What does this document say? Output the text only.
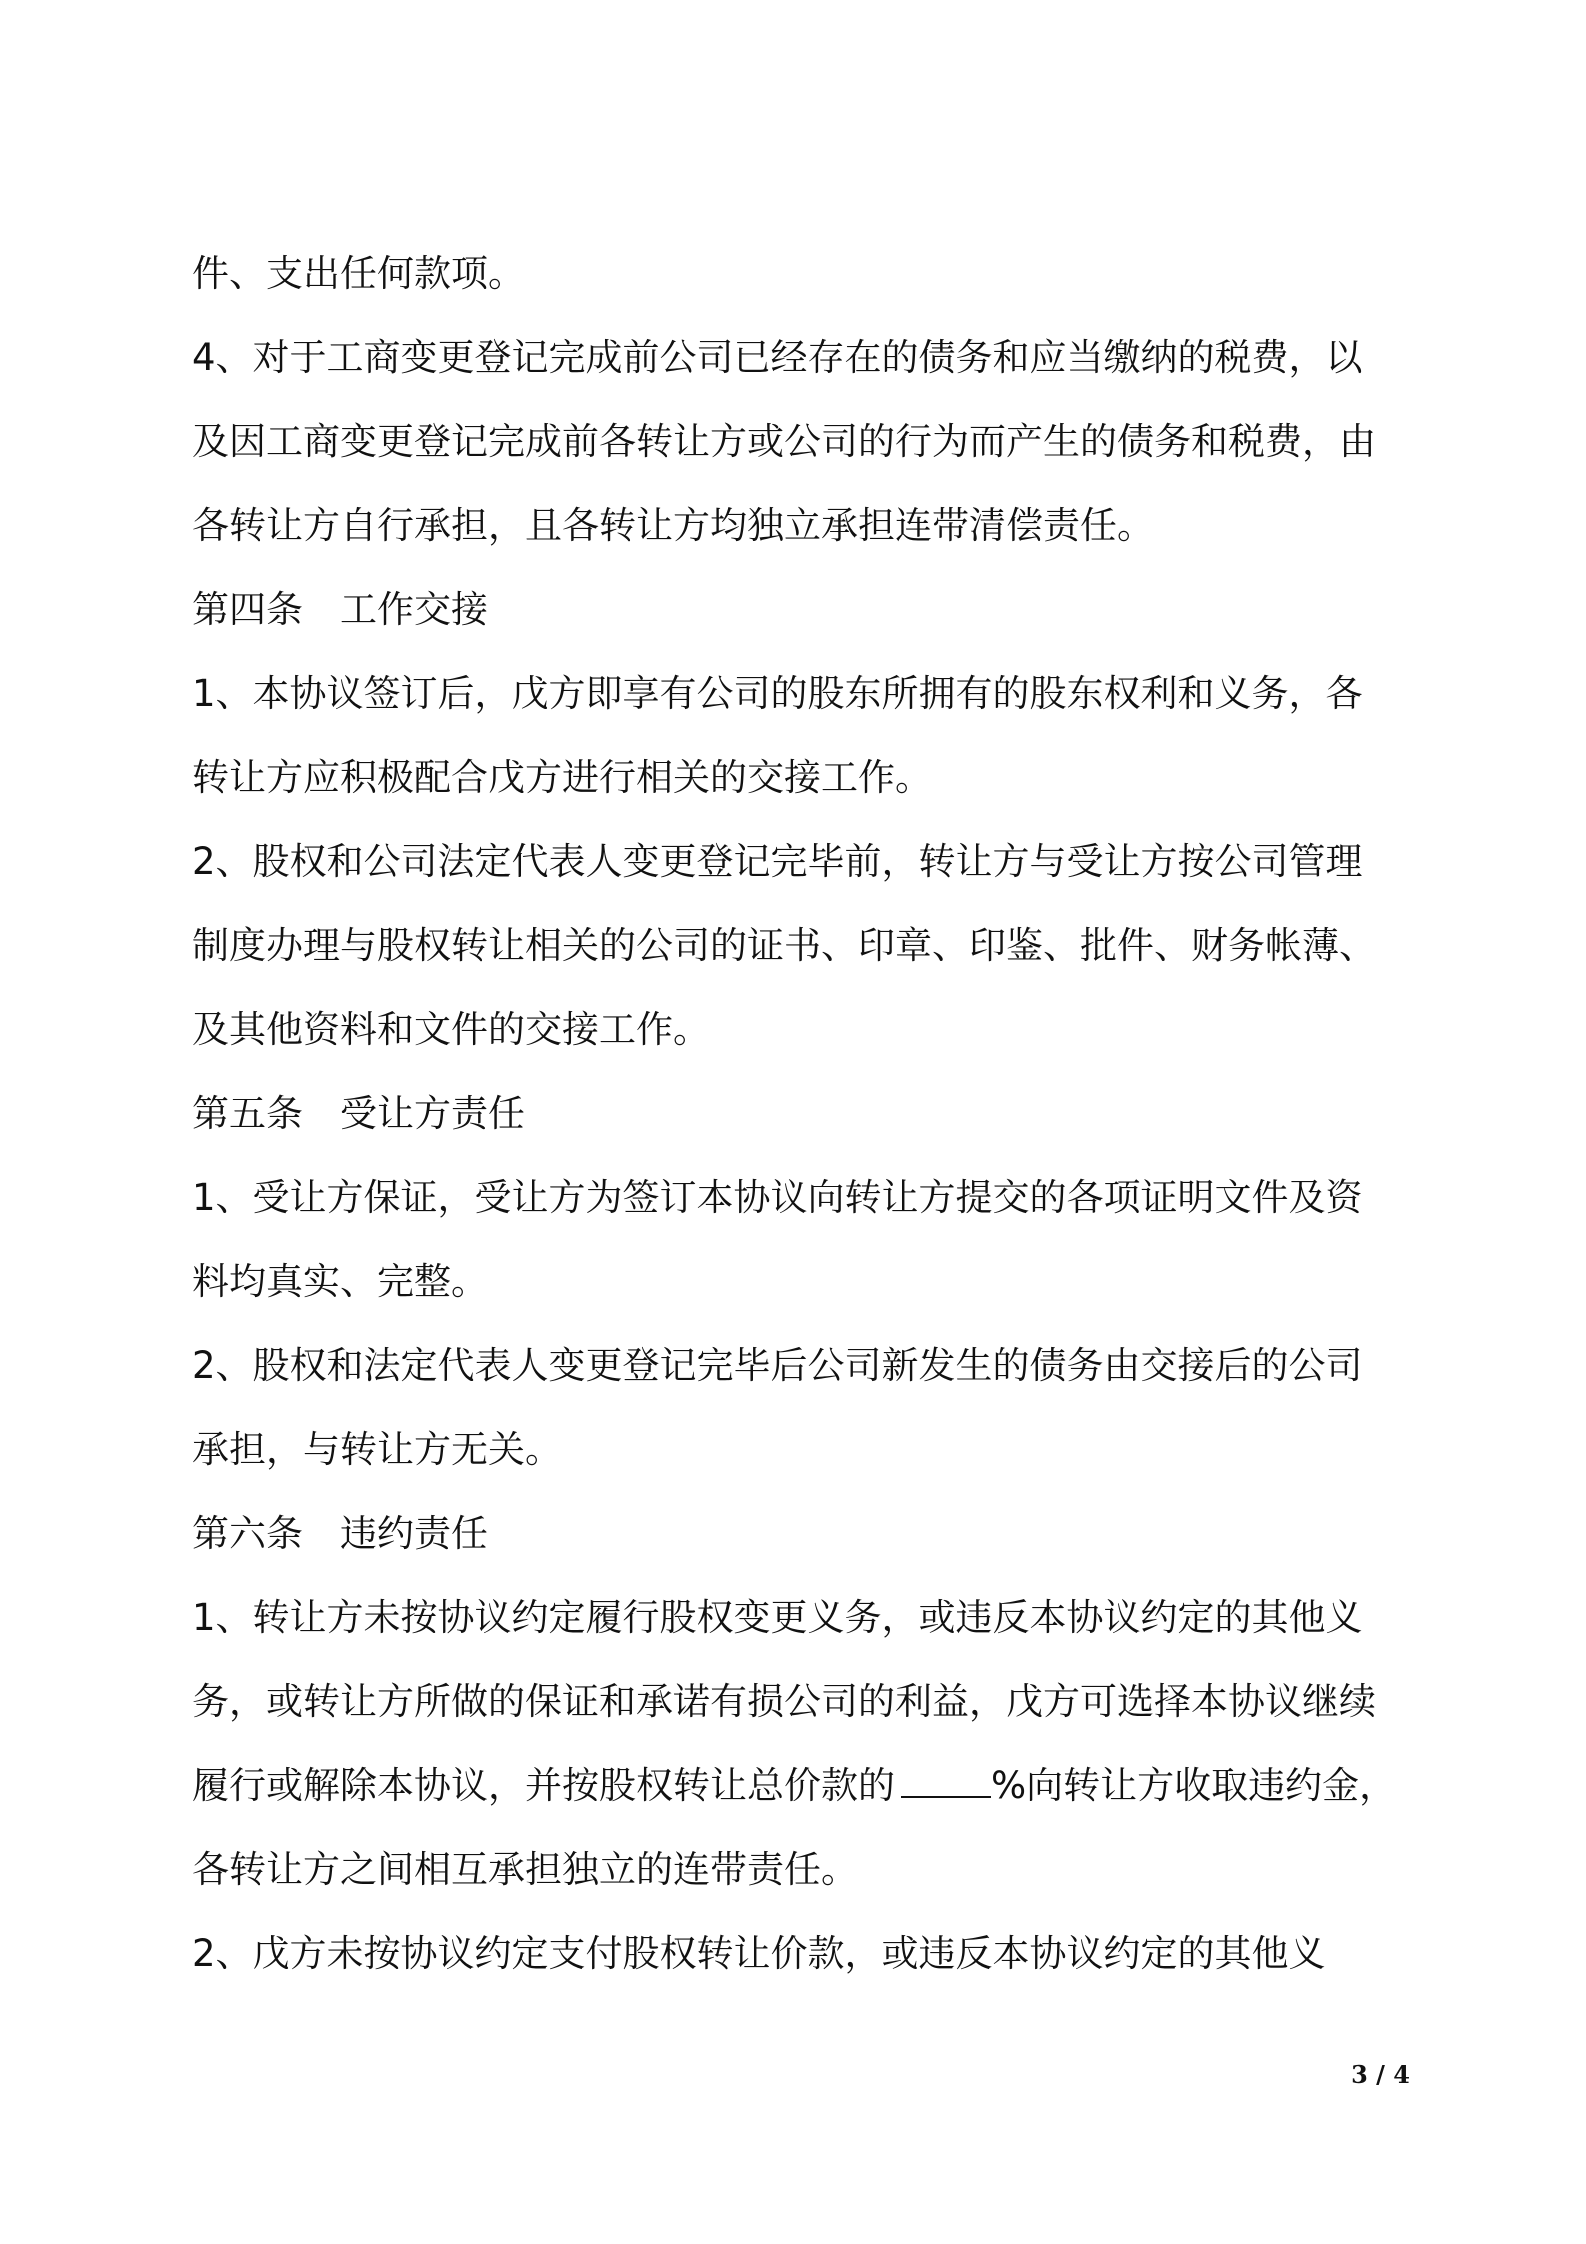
件、支出任何款项。
4、对于工商变更登记完成前公司已经存在的债务和应当缴纳的税费，以
及因工商变更登记完成前各转让方或公司的行为而产生的债务和税费，由
各转让方自行承担，且各转让方均独立承担连带清偿责任。
第四条 工作交接
1、本协议签订后，戊方即享有公司的股东所拥有的股东权利和义务，各
转让方应积极配合戊方进行相关的交接工作。
2、股权和公司法定代表人变更登记完毕前，转让方与受让方按公司管理
制度办理与股权转让相关的公司的证书、印章、印鉴、批件、财务帐薄、
及其他资料和文件的交接工作。
第五条 受让方责任
1、受让方保证，受让方为签订本协议向转让方提交的各项证明文件及资
料均真实、完整。
2、股权和法定代表人变更登记完毕后公司新发生的债务由交接后的公司
承担，与转让方无关。
第六条 违约责任
1、转让方未按协议约定履行股权变更义务，或违反本协议约定的其他义
务，或转让方所做的保证和承诺有损公司的利益，戊方可选择本协议继续
履行或解除本协议，并按股权转让总价款的	%向转让方收取违约金，
各转让方之间相互承担独立的连带责任。
2、戊方未按协议约定支付股权转让价款，或违反本协议约定的其他义
3 / 4
